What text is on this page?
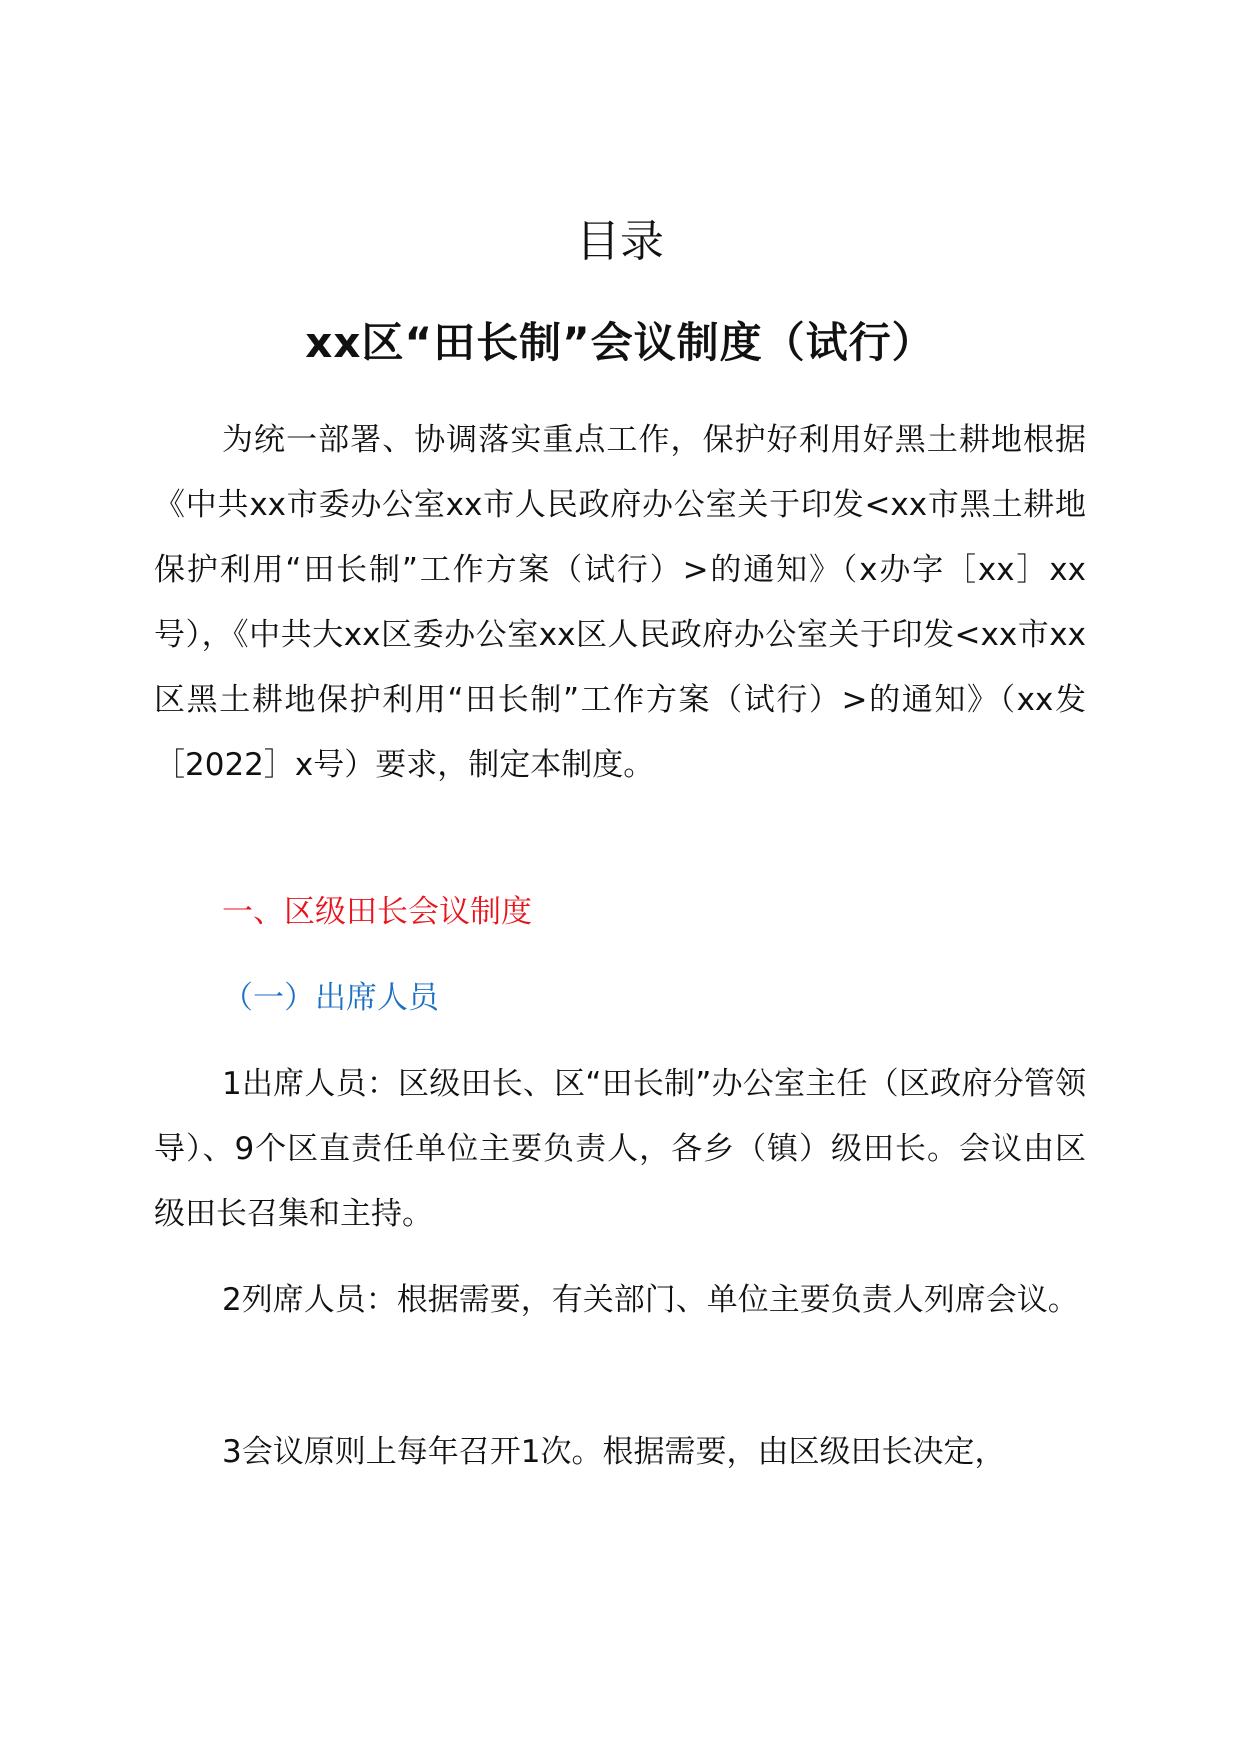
目录
xx区“田长制”会议制度（试行）

为统一部署、协调落实重点工作，保护好利用好黑土耕地根据《中共xx市委办公室xx市人民政府办公室关于印发<xx市黑土耕地保护利用“田长制”工作方案（试行）>的通知》（x办字［xx］xx号），《中共大xx区委办公室xx区人民政府办公室关于印发<xx市xx区黑土耕地保护利用“田长制”工作方案（试行）>的通知》（xx发［2022］x号）要求，制定本制度。

一、区级田长会议制度

（一）出席人员

1出席人员：区级田长、区“田长制”办公室主任（区政府分管领导）、9个区直责任单位主要负责人，各乡（镇）级田长。会议由区级田长召集和主持。

2列席人员：根据需要，有关部门、单位主要负责人列席会议。

3会议原则上每年召开1次。根据需要，由区级田长决定，
